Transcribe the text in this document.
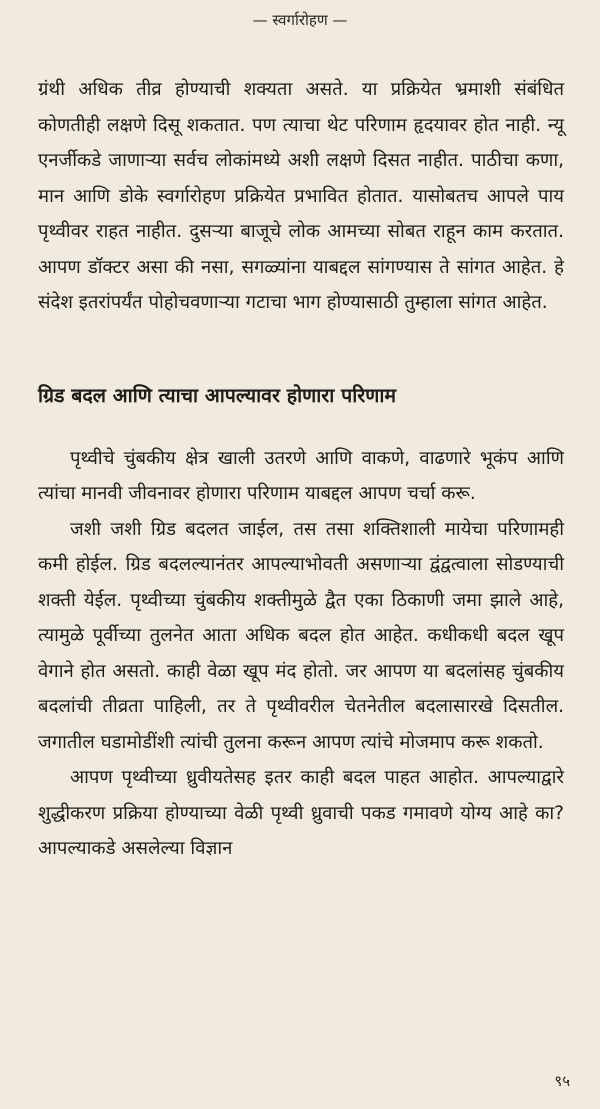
— स्वर्गारोहण —

ग्रंथी अधिक तीव्र होण्याची शक्यता असते. या प्रक्रियेत भ्रमाशी संबंधित कोणतीही लक्षणे दिसू शकतात. पण त्याचा थेट परिणाम हृदयावर होत नाही. न्यू एनर्जीकडे जाणाऱ्या सर्वच लोकांमध्ये अशी लक्षणे दिसत नाहीत. पाठीचा कणा, मान आणि डोके स्वर्गारोहण प्रक्रियेत प्रभावित होतात. यासोबतच आपले पाय पृथ्वीवर राहत नाहीत. दुसऱ्या बाजूचे लोक आमच्या सोबत राहून काम करतात. आपण डॉक्टर असा की नसा, सगळ्यांना याबद्दल सांगण्यास ते सांगत आहेत. हे संदेश इतरांपर्यंत पोहोचवणाऱ्या गटाचा भाग होण्यासाठी तुम्हाला सांगत आहेत.

ग्रिड बदल आणि त्याचा आपल्यावर होणारा परिणाम

पृथ्वीचे चुंबकीय क्षेत्र खाली उतरणे आणि वाकणे, वाढणारे भूकंप आणि त्यांचा मानवी जीवनावर होणारा परिणाम याबद्दल आपण चर्चा करू.

जशी जशी ग्रिड बदलत जाईल, तस तसा शक्तिशाली मायेचा परिणामही कमी होईल. ग्रिड बदलल्यानंतर आपल्याभोवती असणाऱ्या द्वंद्वत्वाला सोडण्याची शक्ती येईल. पृथ्वीच्या चुंबकीय शक्तीमुळे द्वैत एका ठिकाणी जमा झाले आहे, त्यामुळे पूर्वीच्या तुलनेत आता अधिक बदल होत आहेत. कधीकधी बदल खूप वेगाने होत असतो. काही वेळा खूप मंद होतो. जर आपण या बदलांसह चुंबकीय बदलांची तीव्रता पाहिली, तर ते पृथ्वीवरील चेतनेतील बदलासारखे दिसतील. जगातील घडामोडींशी त्यांची तुलना करून आपण त्यांचे मोजमाप करू शकतो.

आपण पृथ्वीच्या ध्रुवीयतेसह इतर काही बदल पाहत आहोत. आपल्याद्वारे शुद्धीकरण प्रक्रिया होण्याच्या वेळी पृथ्वी ध्रुवाची पकड गमावणे योग्य आहे का? आपल्याकडे असलेल्या विज्ञान

९५
